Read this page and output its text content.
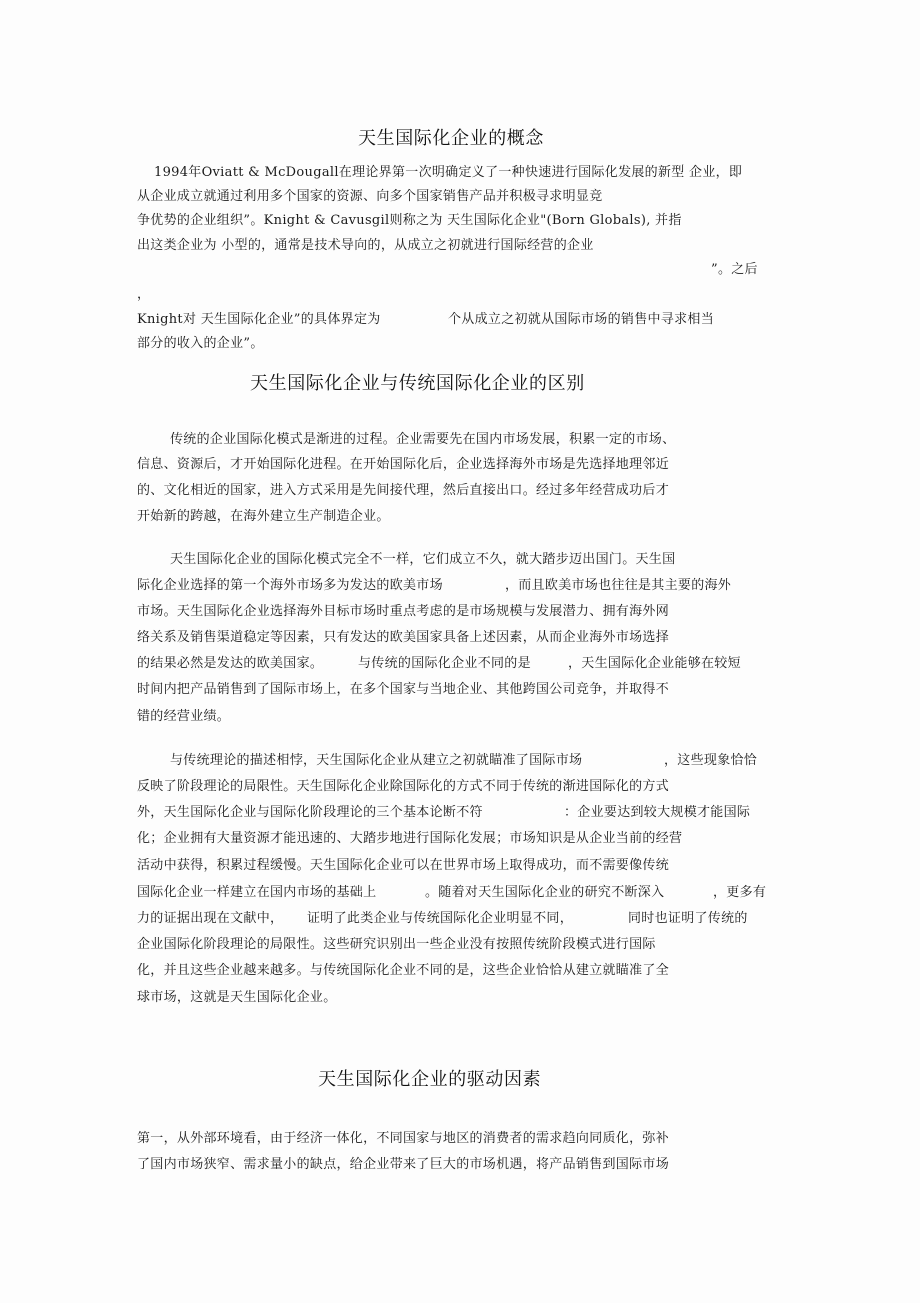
天生国际化企业的概念
1994年Oviatt & McDougall在理论界第一次明确定义了一种快速进行国际化发展的新型 企业，即
从企业成立就通过利用多个国家的资源、向多个国家销售产品并积极寻求明显竞
争优势的企业组织”。Knight & Cavusgil则称之为 天生国际化企业"(Born Globals), 并指
出这类企业为 小型的，通常是技术导向的，从成立之初就进行国际经营的企业
”。之后
，
Knight对 天生国际化企业”的具体界定为	个从成立之初就从国际市场的销售中寻求相当
部分的收入的企业”。
天生国际化企业与传统国际化企业的区别
传统的企业国际化模式是渐进的过程。企业需要先在国内市场发展，积累一定的市场、
信息、资源后，才开始国际化进程。在开始国际化后，企业选择海外市场是先选择地理邻近
的、文化相近的国家，进入方式采用是先间接代理，然后直接出口。经过多年经营成功后才
开始新的跨越，在海外建立生产制造企业。
天生国际化企业的国际化模式完全不一样，它们成立不久，就大踏步迈出国门。天生国
际化企业选择的第一个海外市场多为发达的欧美市场	，而且欧美市场也往往是其主要的海外
市场。天生国际化企业选择海外目标市场时重点考虑的是市场规模与发展潜力、拥有海外网
络关系及销售渠道稳定等因素，只有发达的欧美国家具备上述因素，从而企业海外市场选择
的结果必然是发达的欧美国家。	与传统的国际化企业不同的是	，天生国际化企业能够在较短
时间内把产品销售到了国际市场上，在多个国家与当地企业、其他跨国公司竞争，并取得不
错的经营业绩。
与传统理论的描述相悖，天生国际化企业从建立之初就瞄准了国际市场	，这些现象恰恰
反映了阶段理论的局限性。天生国际化企业除国际化的方式不同于传统的渐进国际化的方式
外，天生国际化企业与国际化阶段理论的三个基本论断不符	：企业要达到较大规模才能国际
化；企业拥有大量资源才能迅速的、大踏步地进行国际化发展；市场知识是从企业当前的经营
活动中获得，积累过程缓慢。天生国际化企业可以在世界市场上取得成功，而不需要像传统
国际化企业一样建立在国内市场的基础上	。随着对天生国际化企业的研究不断深入	，更多有
力的证据出现在文献中， 证明了此类企业与传统国际化企业明显不同，	同时也证明了传统的
企业国际化阶段理论的局限性。这些研究识别出一些企业没有按照传统阶段模式进行国际
化，并且这些企业越来越多。与传统国际化企业不同的是，这些企业恰恰从建立就瞄准了全
球市场，这就是天生国际化企业。
天生国际化企业的驱动因素
第一，从外部环境看，由于经济一体化，不同国家与地区的消费者的需求趋向同质化，弥补
了国内市场狭窄、需求量小的缺点，给企业带来了巨大的市场机遇，将产品销售到国际市场
